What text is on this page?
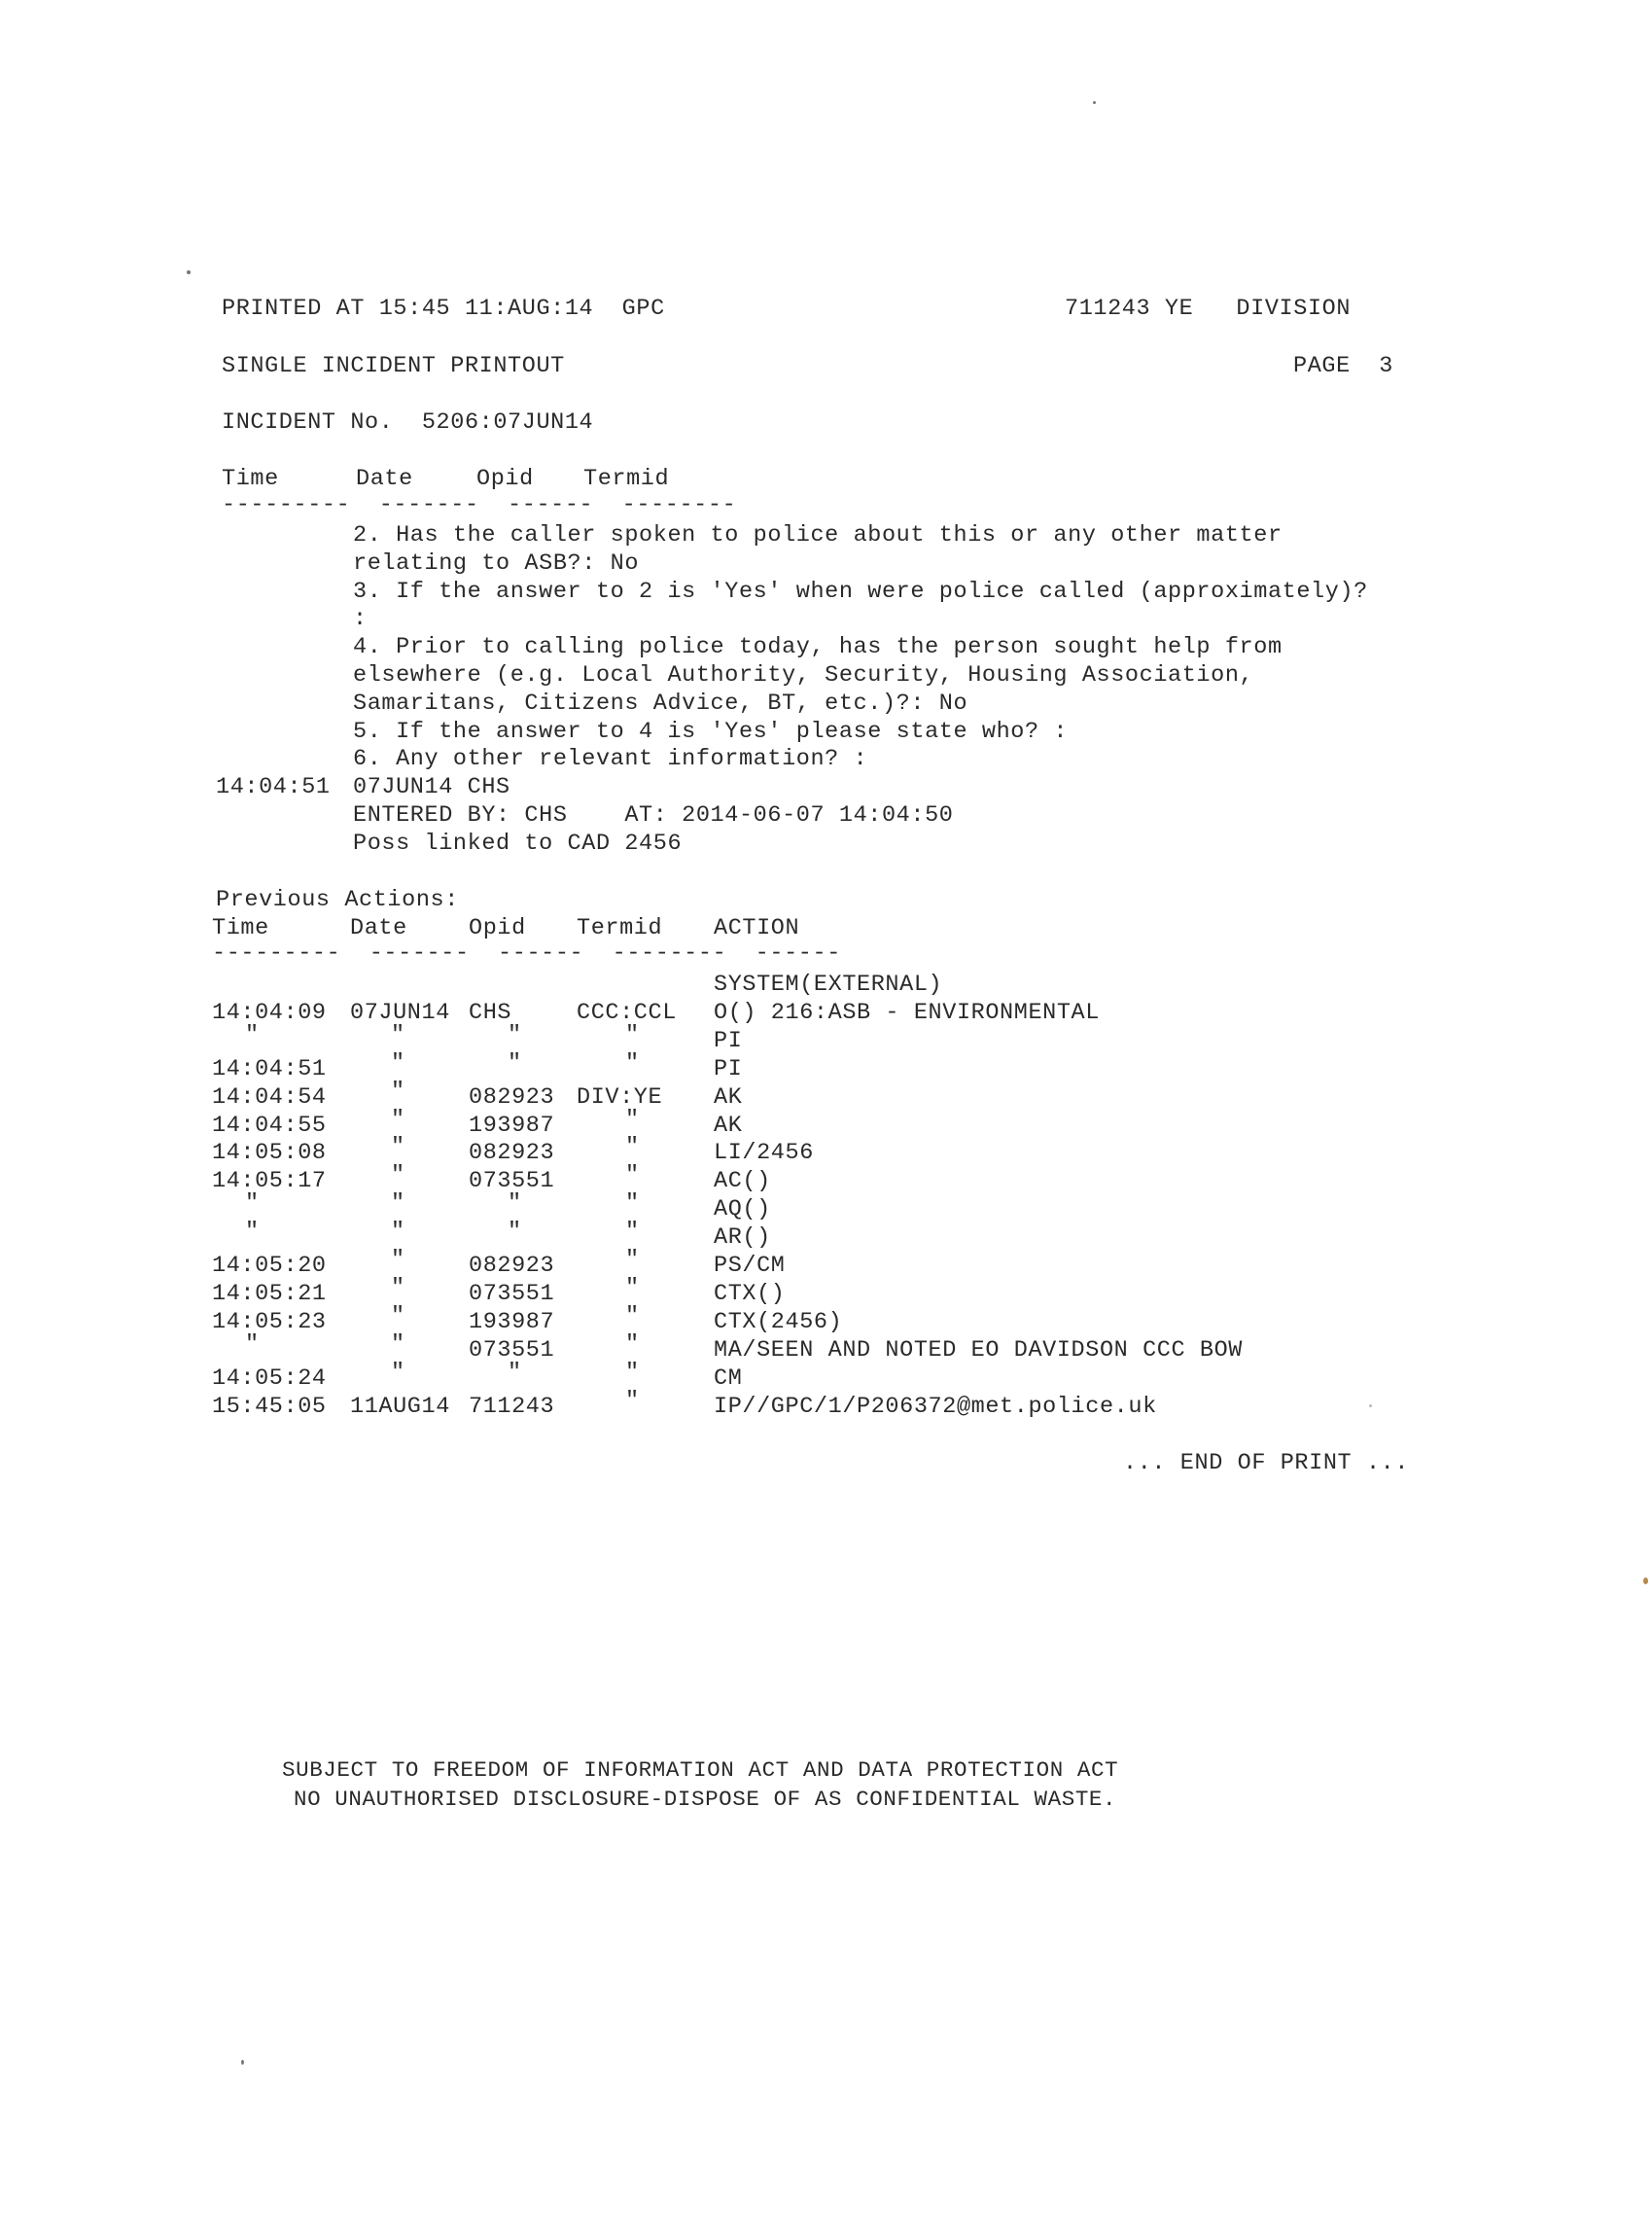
PRINTED AT 15:45 11:AUG:14  GPC	711243 YE   DIVISION
SINGLE INCIDENT PRINTOUT	PAGE  3
INCIDENT No.  5206:07JUN14
Time	Date	Opid Termid
---------  -------  ------  --------
2. Has the caller spoken to police about this or any other matter
relating to ASB?: No
3. If the answer to 2 is 'Yes' when were police called (approximately)?
:
4. Prior to calling police today, has the person sought help from
elsewhere (e.g. Local Authority, Security, Housing Association,
Samaritans, Citizens Advice, BT, etc.)?: No
5. If the answer to 4 is 'Yes' please state who? :
6. Any other relevant information? :
14:04:51 07JUN14 CHS
ENTERED BY: CHS    AT: 2014-06-07 14:04:50
Poss linked to CAD 2456
Previous Actions:
Time	Date	Opid Termid ACTION
---------  -------  ------  --------  ------
SYSTEM(EXTERNAL)
14:04:09 07JUN14 CHS	CCC:CCL O() 216:ASB - ENVIRONMENTAL
"	"	"	"	PI
14:04:51	"	"	"	PI
14:04:54	"	082923 DIV:YE AK
14:04:55	"	193987	"	AK
14:05:08	"	082923	"	LI/2456
14:05:17	"	073551	"	AC()
"	"	"	"	AQ()
"	"	"	"	AR()
14:05:20	"	082923	"	PS/CM
14:05:21	"	073551	"	CTX()
14:05:23	"	193987	"	CTX(2456)
"	"	073551	"	MA/SEEN AND NOTED EO DAVIDSON CCC BOW
14:05:24	"	"	"	CM
15:45:05 11AUG14 711243	"	IP//GPC/1/P206372@met.police.uk
... END OF PRINT ...
SUBJECT TO FREEDOM OF INFORMATION ACT AND DATA PROTECTION ACT
NO UNAUTHORISED DISCLOSURE-DISPOSE OF AS CONFIDENTIAL WASTE.
